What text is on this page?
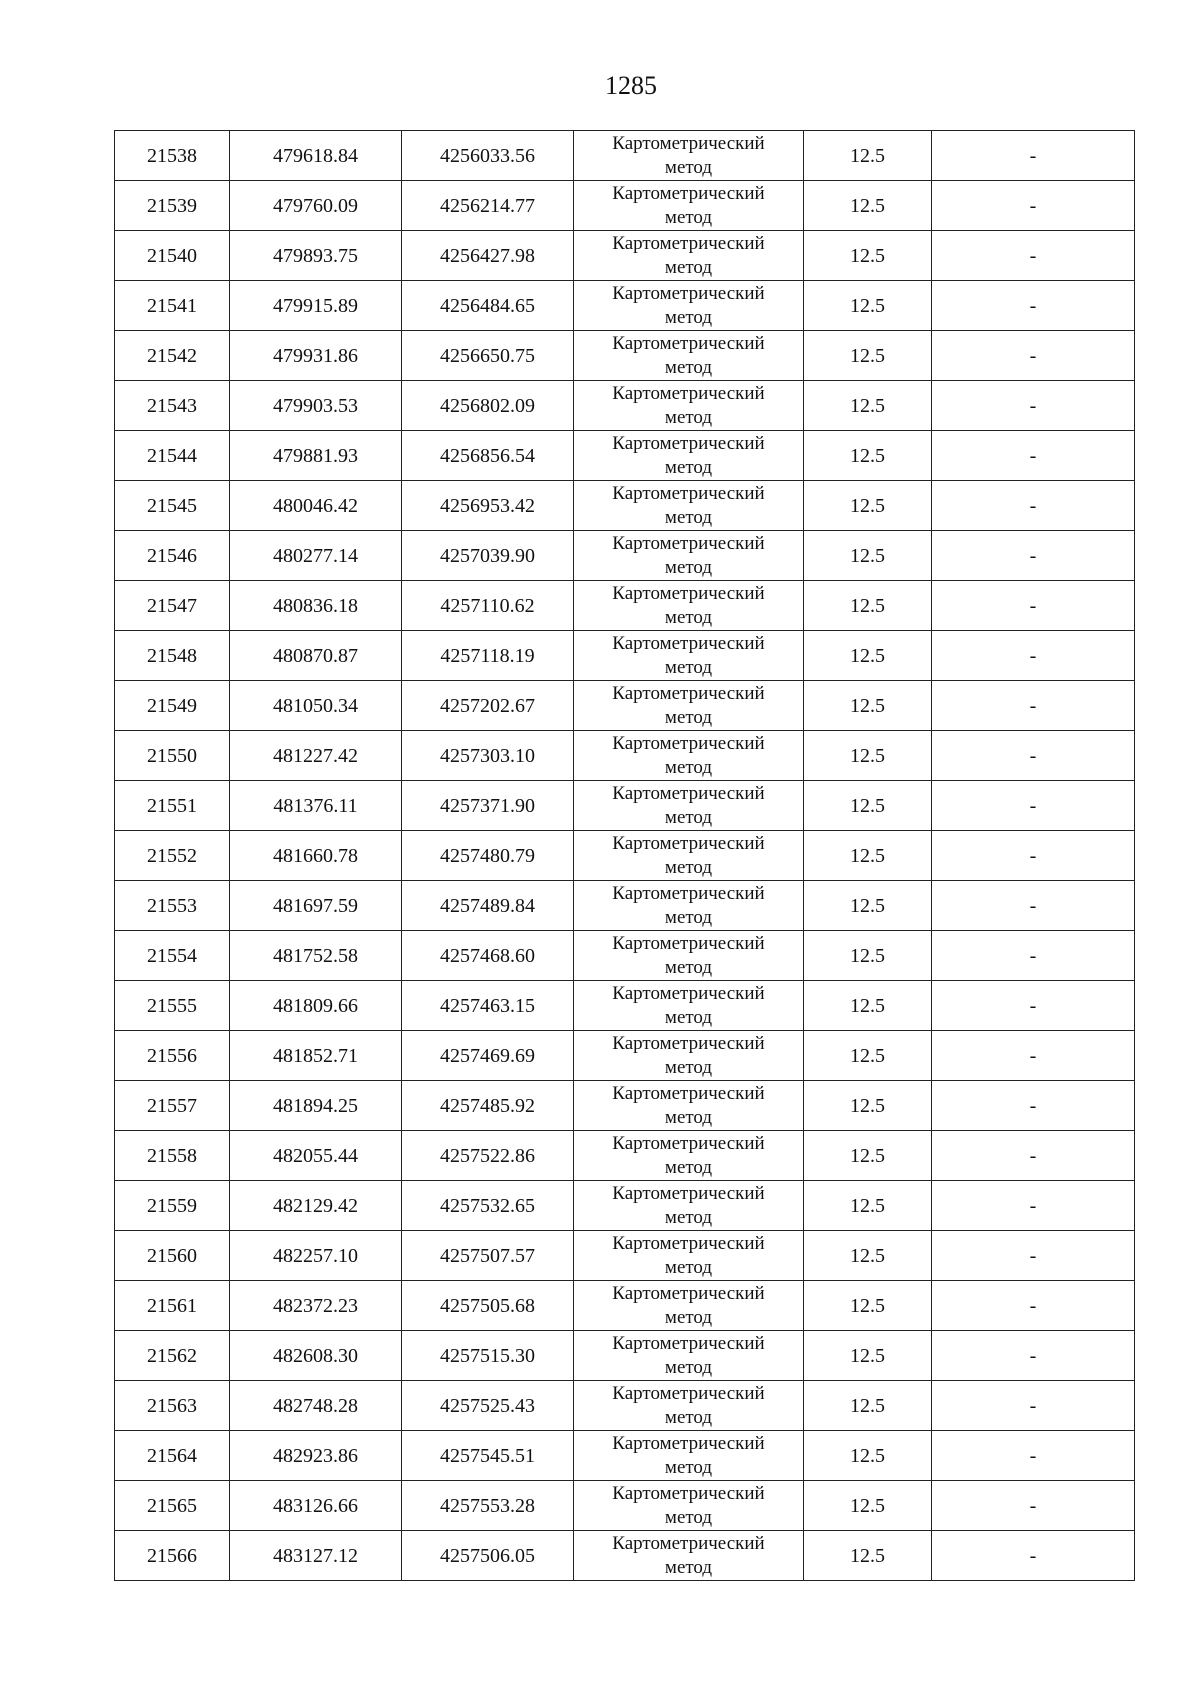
1285
21538	479618.84	4256033.56	Картометрический метод	12.5	-
21539	479760.09	4256214.77	Картометрический метод	12.5	-
21540	479893.75	4256427.98	Картометрический метод	12.5	-
21541	479915.89	4256484.65	Картометрический метод	12.5	-
21542	479931.86	4256650.75	Картометрический метод	12.5	-
21543	479903.53	4256802.09	Картометрический метод	12.5	-
21544	479881.93	4256856.54	Картометрический метод	12.5	-
21545	480046.42	4256953.42	Картометрический метод	12.5	-
21546	480277.14	4257039.90	Картометрический метод	12.5	-
21547	480836.18	4257110.62	Картометрический метод	12.5	-
21548	480870.87	4257118.19	Картометрический метод	12.5	-
21549	481050.34	4257202.67	Картометрический метод	12.5	-
21550	481227.42	4257303.10	Картометрический метод	12.5	-
21551	481376.11	4257371.90	Картометрический метод	12.5	-
21552	481660.78	4257480.79	Картометрический метод	12.5	-
21553	481697.59	4257489.84	Картометрический метод	12.5	-
21554	481752.58	4257468.60	Картометрический метод	12.5	-
21555	481809.66	4257463.15	Картометрический метод	12.5	-
21556	481852.71	4257469.69	Картометрический метод	12.5	-
21557	481894.25	4257485.92	Картометрический метод	12.5	-
21558	482055.44	4257522.86	Картометрический метод	12.5	-
21559	482129.42	4257532.65	Картометрический метод	12.5	-
21560	482257.10	4257507.57	Картометрический метод	12.5	-
21561	482372.23	4257505.68	Картометрический метод	12.5	-
21562	482608.30	4257515.30	Картометрический метод	12.5	-
21563	482748.28	4257525.43	Картометрический метод	12.5	-
21564	482923.86	4257545.51	Картометрический метод	12.5	-
21565	483126.66	4257553.28	Картометрический метод	12.5	-
21566	483127.12	4257506.05	Картометрический метод	12.5	-
